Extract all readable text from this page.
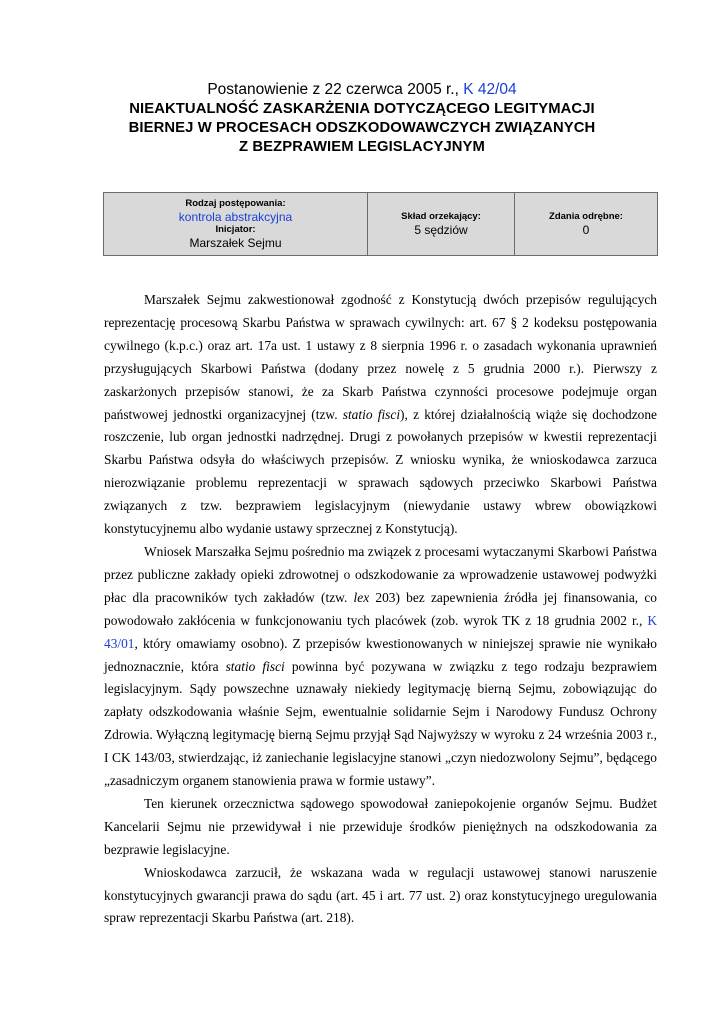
Postanowienie z 22 czerwca 2005 r., K 42/04
NIEAKTUALNOŚĆ ZASKARŻENIA DOTYCZĄCEGO LEGITYMACJI
BIERNEJ W PROCESACH ODSZKODOWAWCZYCH ZWIĄZANYCH
Z BEZPRAWIEM LEGISLACYJNYM
Rodzaj postępowania:
kontrola abstrakcyjna
Inicjator:
Marszałek Sejmu
Skład orzekający:
5 sędziów
Zdania odrębne:
0

Marszałek Sejmu zakwestionował zgodność z Konstytucją dwóch przepisów regulujących reprezentację procesową Skarbu Państwa w sprawach cywilnych: art. 67 § 2 kodeksu postępowania cywilnego (k.p.c.) oraz art. 17a ust. 1 ustawy z 8 sierpnia 1996 r. o zasadach wykonania uprawnień przysługujących Skarbowi Państwa (dodany przez nowelę z 5 grudnia 2000 r.). Pierwszy z zaskarżonych przepisów stanowi, że za Skarb Państwa czynności procesowe podejmuje organ państwowej jednostki organizacyjnej (tzw. statio fisci), z której działalnością wiąże się dochodzone roszczenie, lub organ jednostki nadrzędnej. Drugi z powołanych przepisów w kwestii reprezentacji Skarbu Państwa odsyła do właściwych przepisów. Z wniosku wynika, że wnioskodawca zarzuca nierozwiązanie problemu reprezentacji w sprawach sądowych przeciwko Skarbowi Państwa związanych z tzw. bezprawiem legislacyjnym (niewydanie ustawy wbrew obowiązkowi konstytucyjnemu albo wydanie ustawy sprzecznej z Konstytucją).

Wniosek Marszałka Sejmu pośrednio ma związek z procesami wytaczanymi Skarbowi Państwa przez publiczne zakłady opieki zdrowotnej o odszkodowanie za wprowadzenie ustawowej podwyżki płac dla pracowników tych zakładów (tzw. lex 203) bez zapewnienia źródła jej finansowania, co powodowało zakłócenia w funkcjonowaniu tych placówek (zob. wyrok TK z 18 grudnia 2002 r., K 43/01, który omawiamy osobno). Z przepisów kwestionowanych w niniejszej sprawie nie wynikało jednoznacznie, która statio fisci powinna być pozywana w związku z tego rodzaju bezprawiem legislacyjnym. Sądy powszechne uznawały niekiedy legitymację bierną Sejmu, zobowiązując do zapłaty odszkodowania właśnie Sejm, ewentualnie solidarnie Sejm i Narodowy Fundusz Ochrony Zdrowia. Wyłączną legitymację bierną Sejmu przyjął Sąd Najwyższy w wyroku z 24 września 2003 r., I CK 143/03, stwierdzając, iż zaniechanie legislacyjne stanowi „czyn niedozwolony Sejmu”, będącego „zasadniczym organem stanowienia prawa w formie ustawy”.

Ten kierunek orzecznictwa sądowego spowodował zaniepokojenie organów Sejmu. Budżet Kancelarii Sejmu nie przewidywał i nie przewiduje środków pieniężnych na odszkodowania za bezprawie legislacyjne.

Wnioskodawca zarzucił, że wskazana wada w regulacji ustawowej stanowi naruszenie konstytucyjnych gwarancji prawa do sądu (art. 45 i art. 77 ust. 2) oraz konstytucyjnego uregulowania spraw reprezentacji Skarbu Państwa (art. 218).
